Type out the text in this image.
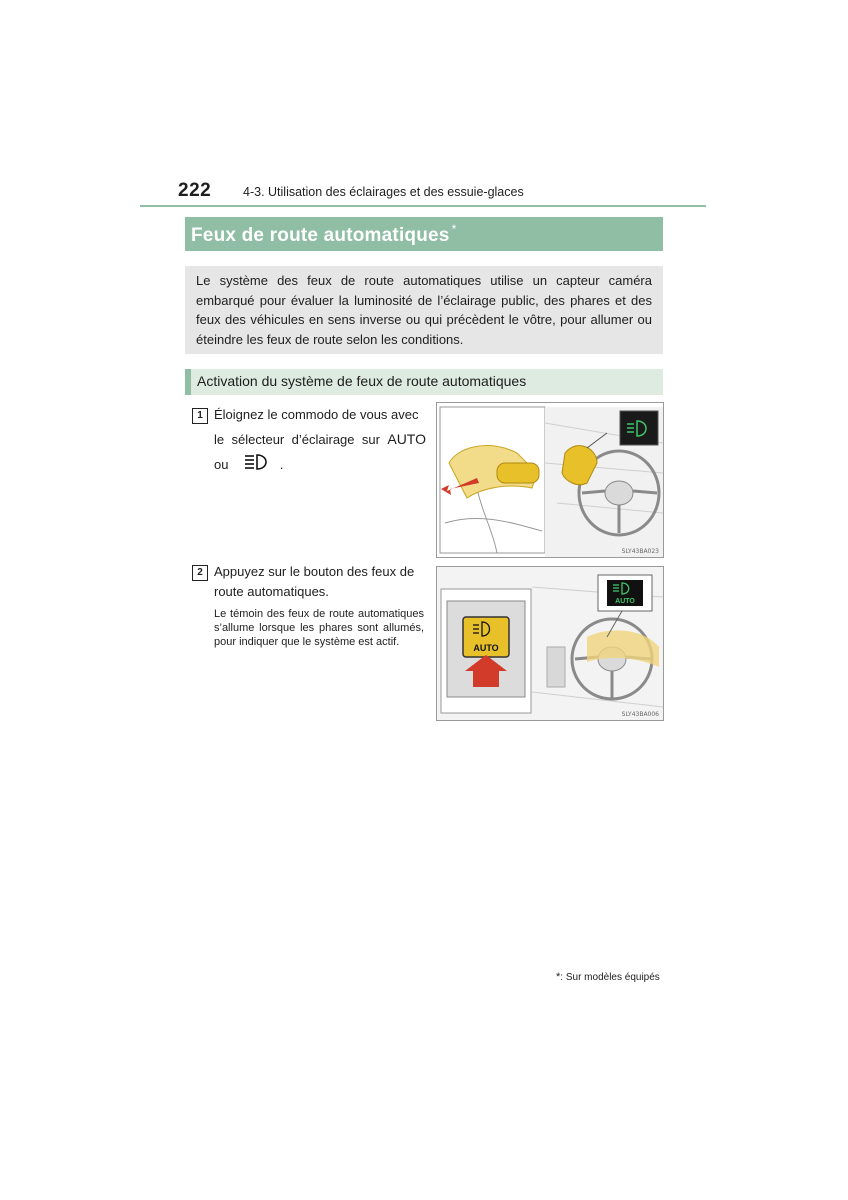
222	4-3. Utilisation des éclairages et des essuie-glaces
Feux de route automatiques *
Le système des feux de route automatiques utilise un capteur caméra embarqué pour évaluer la luminosité de l’éclairage public, des phares et des feux des véhicules en sens inverse ou qui précèdent le vôtre, pour allumer ou éteindre les feux de route selon les conditions.
Activation du système de feux de route automatiques
1 Éloignez le commodo de vous avec
le sélecteur d’éclairage sur AUTO
ou	.
SLY43BA023
2 Appuyez sur le bouton des feux de route automatiques.
Le témoin des feux de route automatiques s’allume lorsque les phares sont allumés, pour indiquer que le système est actif.	AUTO
AUTO
SLY43BA006
*: Sur modèles équipés
